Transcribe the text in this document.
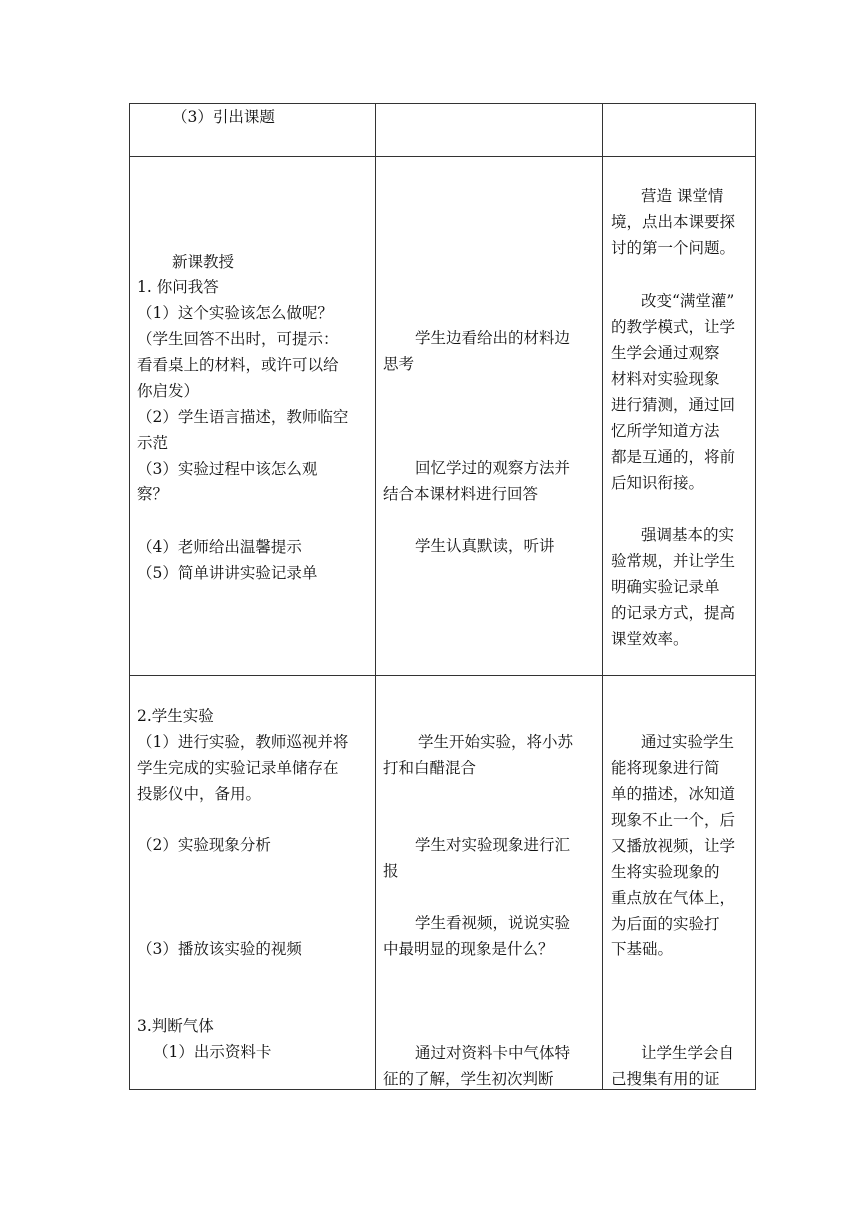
（3）引出课题
新课教授
1. 你问我答
（1）这个实验该怎么做呢？
（学生回答不出时，可提示：
看看桌上的材料，或许可以给
你启发）
（2）学生语言描述，教师临空
示范
（3）实验过程中该怎么观
察？
（4）老师给出温馨提示
（5）简单讲讲实验记录单
学生边看给出的材料边
思考
回忆学过的观察方法并
结合本课材料进行回答
学生认真默读，听讲
营造 课堂情
境，点出本课要探
讨的第一个问题。
改变“满堂灌”
的教学模式，让学
生学会通过观察
材料对实验现象
进行猜测，通过回
忆所学知道方法
都是互通的，将前
后知识衔接。
强调基本的实
验常规，并让学生
明确实验记录单
的记录方式，提高
课堂效率。
2.学生实验
（1）进行实验，教师巡视并将
学生完成的实验记录单储存在
投影仪中，备用。
（2）实验现象分析
（3）播放该实验的视频
3.判断气体
（1）出示资料卡
学生开始实验，将小苏
打和白醋混合
学生对实验现象进行汇
报
学生看视频，说说实验
中最明显的现象是什么？
通过对资料卡中气体特
征的了解，学生初次判断
通过实验学生
能将现象进行简
单的描述，冰知道
现象不止一个，后
又播放视频，让学
生将实验现象的
重点放在气体上，
为后面的实验打
下基础。
让学生学会自
己搜集有用的证
